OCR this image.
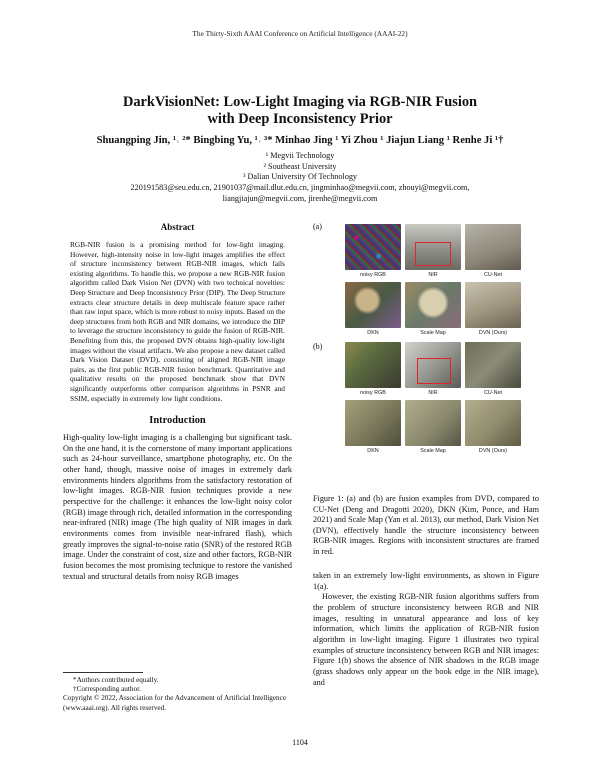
The Thirty-Sixth AAAI Conference on Artificial Intelligence (AAAI-22)
DarkVisionNet: Low-Light Imaging via RGB-NIR Fusion
with Deep Inconsistency Prior
Shuangping Jin, ¹˒ ²* Bingbing Yu, ¹˒ ³* Minhao Jing ¹ Yi Zhou ¹ Jiajun Liang ¹ Renhe Ji ¹†
¹ Megvii Technology
² Southeast University
³ Dalian University Of Technology
220191583@seu.edu.cn, 21901037@mail.dlut.edu.cn, jingminhao@megvii.com, zhouyi@megvii.com,
liangjiajun@megvii.com, jirenhe@megvii.com
Abstract
RGB-NIR fusion is a promising method for low-light imaging. However, high-intensity noise in low-light images amplifies the effect of structure inconsistency between RGB-NIR images, which fails existing algorithms. To handle this, we propose a new RGB-NIR fusion algorithm called Dark Vision Net (DVN) with two technical novelties: Deep Structure and Deep Inconsistency Prior (DIP). The Deep Structure extracts clear structure details in deep multiscale feature space rather than raw input space, which is more robust to noisy inputs. Based on the deep structures from both RGB and NIR domains, we introduce the DIP to leverage the structure inconsistency to guide the fusion of RGB-NIR. Benefiting from this, the proposed DVN obtains high-quality low-light images without the visual artifacts. We also propose a new dataset called Dark Vision Dataset (DVD), consisting of aligned RGB-NIR image pairs, as the first public RGB-NIR fusion benchmark. Quantitative and qualitative results on the proposed benchmark show that DVN significantly outperforms other comparison algorithms in PSNR and SSIM, especially in extremely low light conditions.
Introduction

High-quality low-light imaging is a challenging but significant task. On the one hand, it is the cornerstone of many important applications such as 24-hour surveillance, smartphone photography, etc. On the other hand, though, massive noise of images in extremely dark environments hinders algorithms from the satisfactory restoration of low-light images. RGB-NIR fusion techniques provide a new perspective for the challenge: it enhances the low-light noisy color (RGB) image through rich, detailed information in the corresponding near-infrared (NIR) image (The high quality of NIR images in dark environments comes from invisible near-infrared flash), which greatly improves the signal-to-noise ratio (SNR) of the restored RGB image. Under the constraint of cost, size and other factors, RGB-NIR fusion becomes the most promising technique to restore the vanished textual and structural details from noisy RGB images

*Authors contributed equally.
†Corresponding author.
Copyright © 2022, Association for the Advancement of Artificial Intelligence (www.aaai.org). All rights reserved.
(a)
noisy RGB	NIR	CU-Net
DKN	Scale Map	DVN (Ours)
(b)
noisy RGB	NIR	CU-Net
DKN	Scale Map	DVN (Ours)
Figure 1: (a) and (b) are fusion examples from DVD, compared to CU-Net (Deng and Dragotti 2020), DKN (Kim, Ponce, and Ham 2021) and Scale Map (Yan et al. 2013), our method, Dark Vision Net (DVN), effectively handle the structure inconsistency between RGB-NIR images. Regions with inconsistent structures are framed in red.

taken in an extremely low-light environments, as shown in Figure 1(a).

However, the existing RGB-NIR fusion algorithms suffers from the problem of structure inconsistency between RGB and NIR images, resulting in unnatural appearance and loss of key information, which limits the application of RGB-NIR fusion algorithm in low-light imaging. Figure 1 illustrates two typical examples of structure inconsistency between RGB and NIR images: Figure 1(b) shows the absence of NIR shadows in the RGB image (grass shadows only appear on the book edge in the NIR image), and

1104
